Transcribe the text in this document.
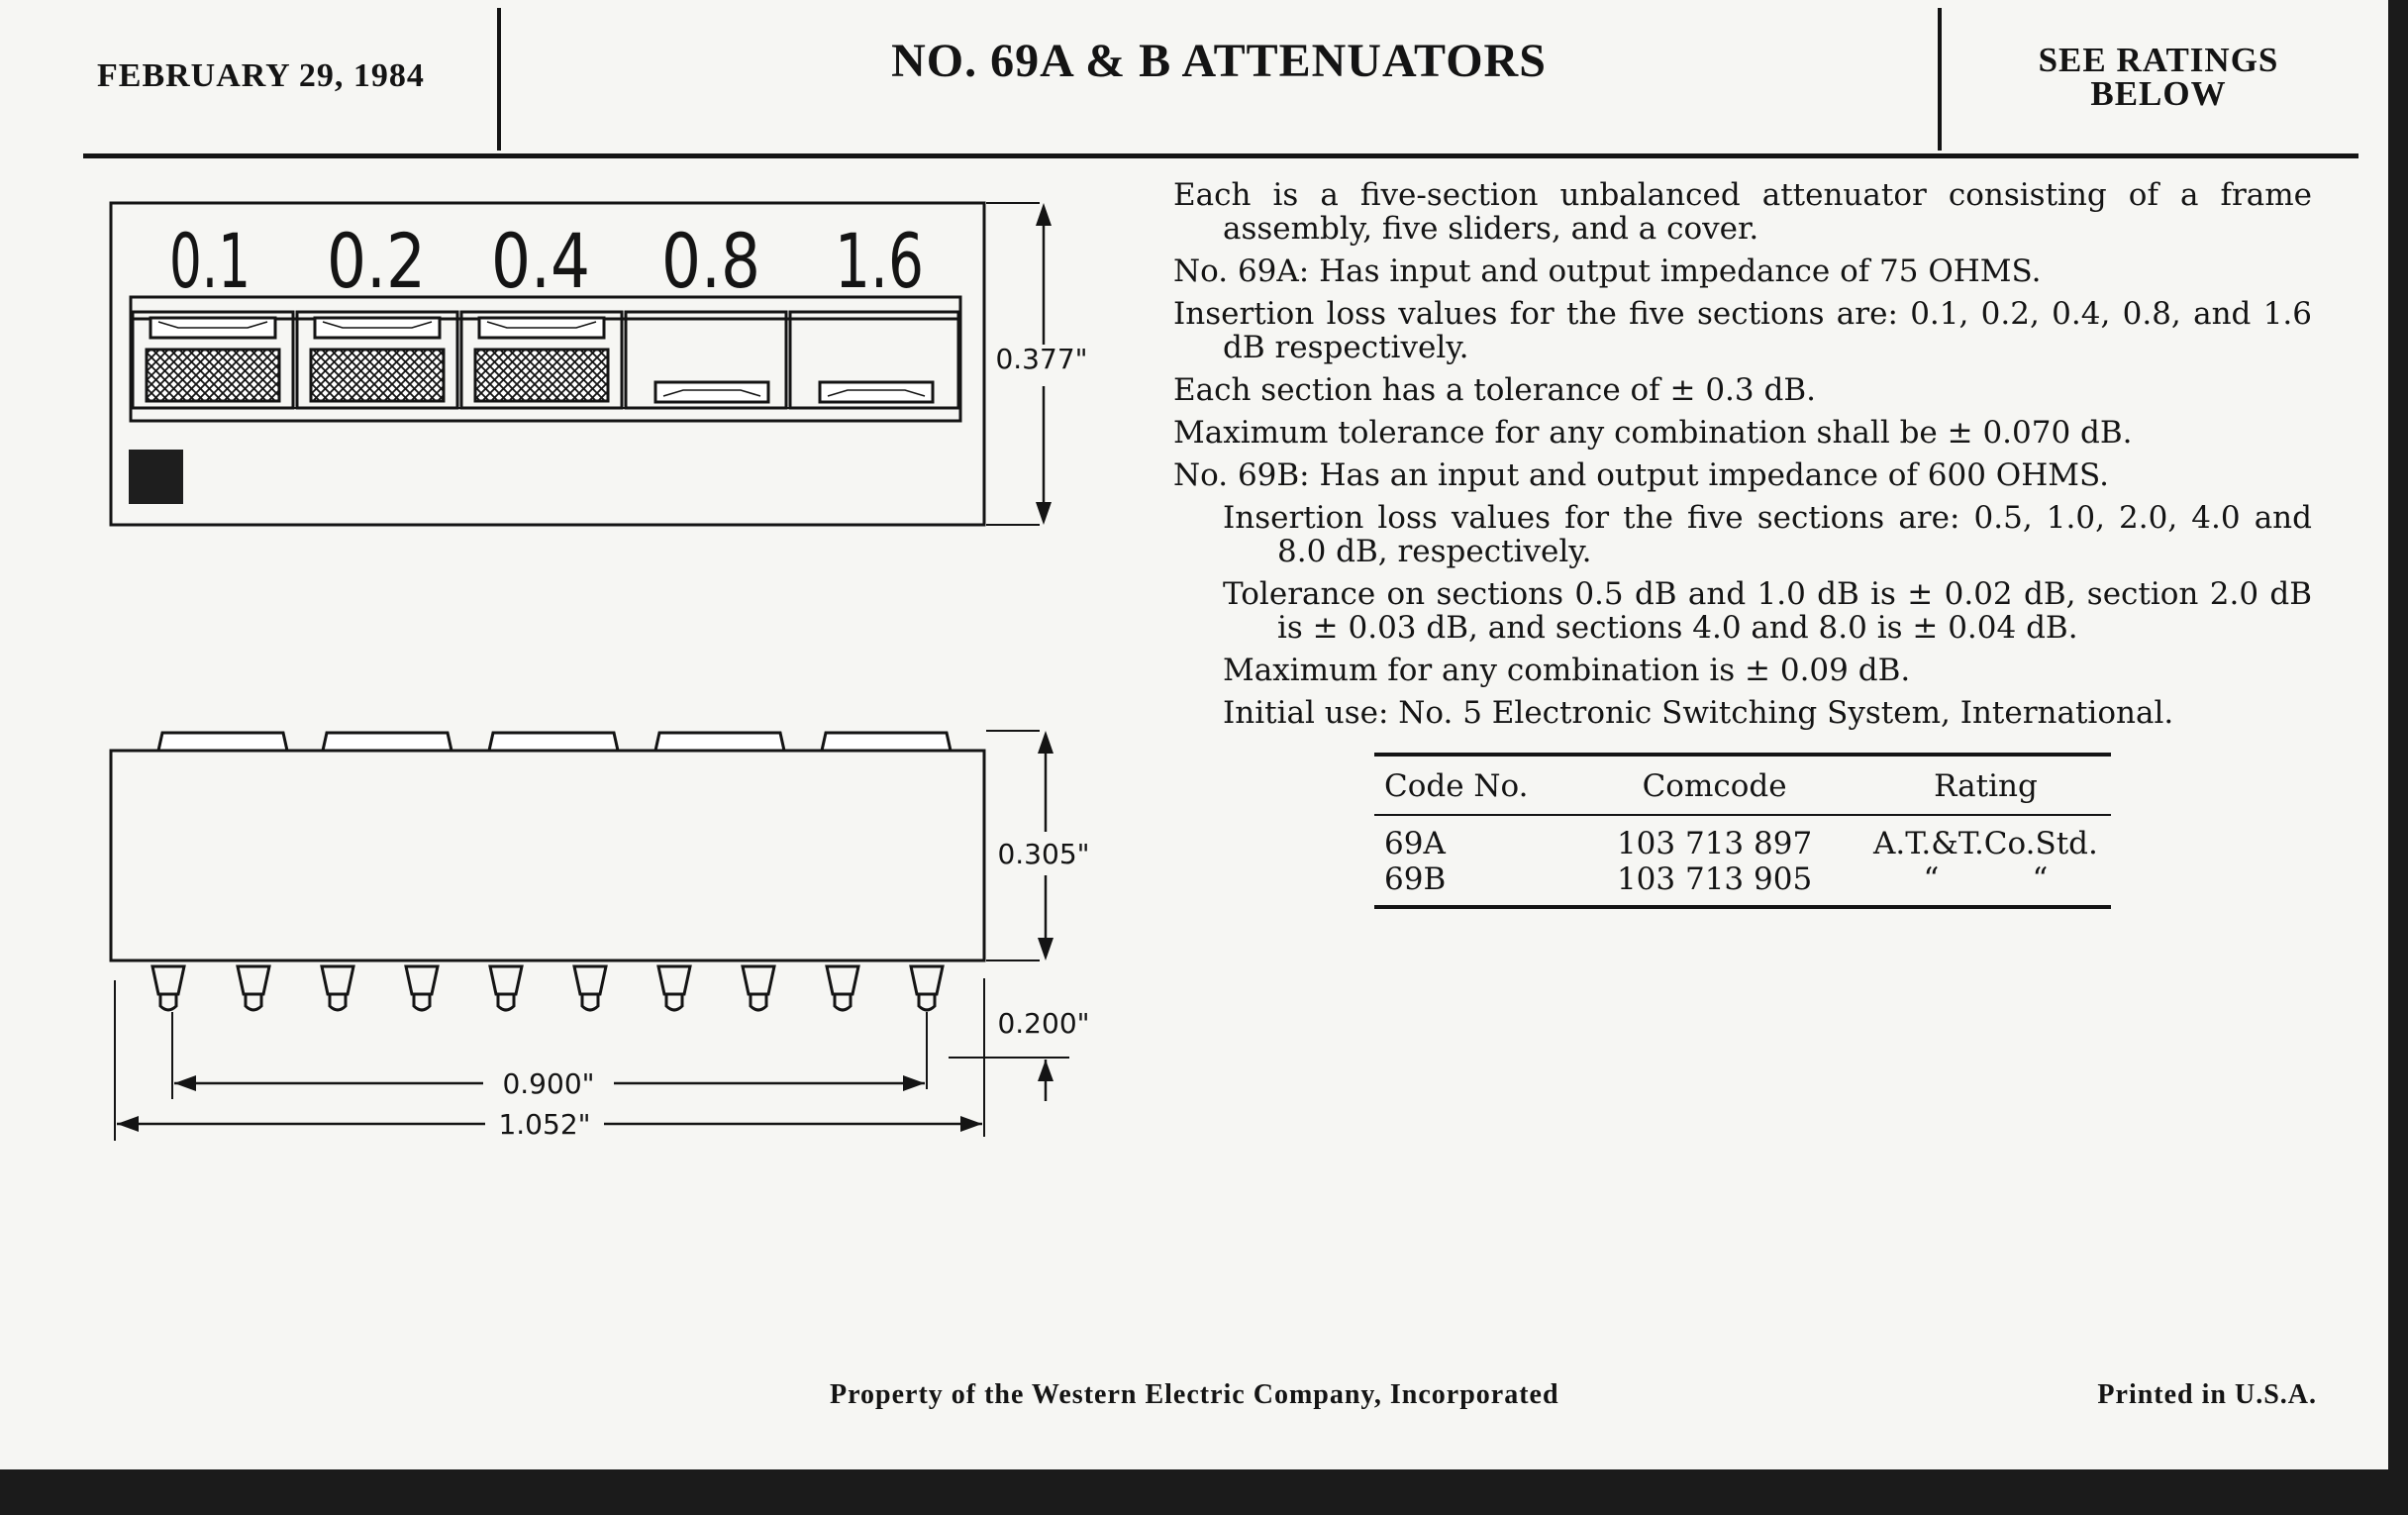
FEBRUARY 29, 1984	NO. 69A & B ATTENUATORS	SEE RATINGS
BELOW
0.1 0.2 0.4 0.8 1.6
0.377"
0.305"
0.200"
0.900"
1.052"

Each is a five-section unbalanced attenuator consisting of a frame assembly, five sliders, and a cover.

No. 69A: Has input and output impedance of 75 OHMS.

Insertion loss values for the five sections are: 0.1, 0.2, 0.4, 0.8, and 1.6 dB respectively.

Each section has a tolerance of ± 0.3 dB.

Maximum tolerance for any combination shall be ± 0.070 dB.

No. 69B: Has an input and output impedance of 600 OHMS.

Insertion loss values for the five sections are: 0.5, 1.0, 2.0, 4.0 and 8.0 dB, respectively.

Tolerance on sections 0.5 dB and 1.0 dB is ± 0.02 dB, section 2.0 dB is ± 0.03 dB, and sections 4.0 and 8.0 is ± 0.04 dB.

Maximum for any combination is ± 0.09 dB.

Initial use: No. 5 Electronic Switching System, International.

Code No.	Comcode	Rating
69A	103 713 897	A.T.&T.Co.Std.
69B	103 713 905	“ “
Property of the Western Electric Company, Incorporated	Printed in U.S.A.
